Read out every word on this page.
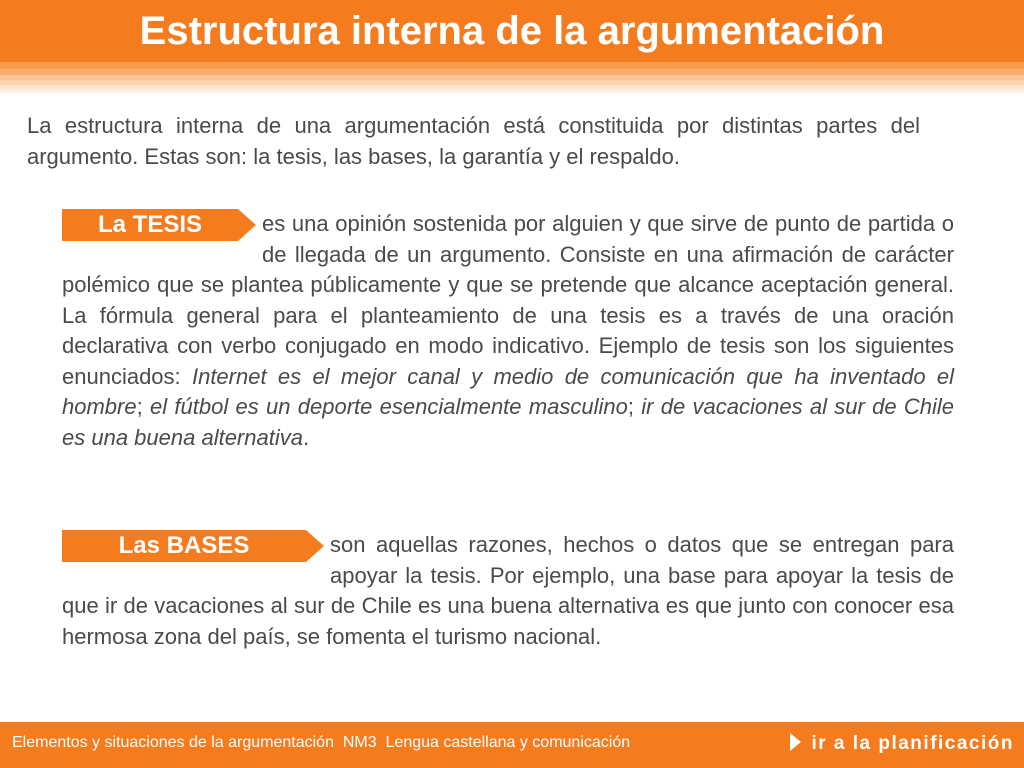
Estructura interna de la argumentación

La estructura interna de una argumentación está constituida por distintas partes del argumento. Estas son: la tesis, las bases, la garantía y el respaldo.

La TESIS	es una opinión sostenida por alguien y que sirve de punto de partida o de llegada de un argumento. Consiste en una afirmación de carácter polémico que se plantea públicamente y que se pretende que alcance aceptación general. La fórmula general para el planteamiento de una tesis es a través de una oración declarativa con verbo conjugado en modo indicativo. Ejemplo de tesis son los siguientes enunciados: Internet es el mejor canal y medio de comunicación que ha inventado el hombre; el fútbol es un deporte esencialmente masculino; ir de vacaciones al sur de Chile es una buena alternativa.
Las BASES	son aquellas razones, hechos o datos que se entregan para apoyar la tesis. Por ejemplo, una base para apoyar la tesis de que ir de vacaciones al sur de Chile es una buena alternativa es que junto con conocer esa hermosa zona del país, se fomenta el turismo nacional.
Elementos y situaciones de la argumentación  NM3  Lengua castellana y comunicación	ir a la planificación
